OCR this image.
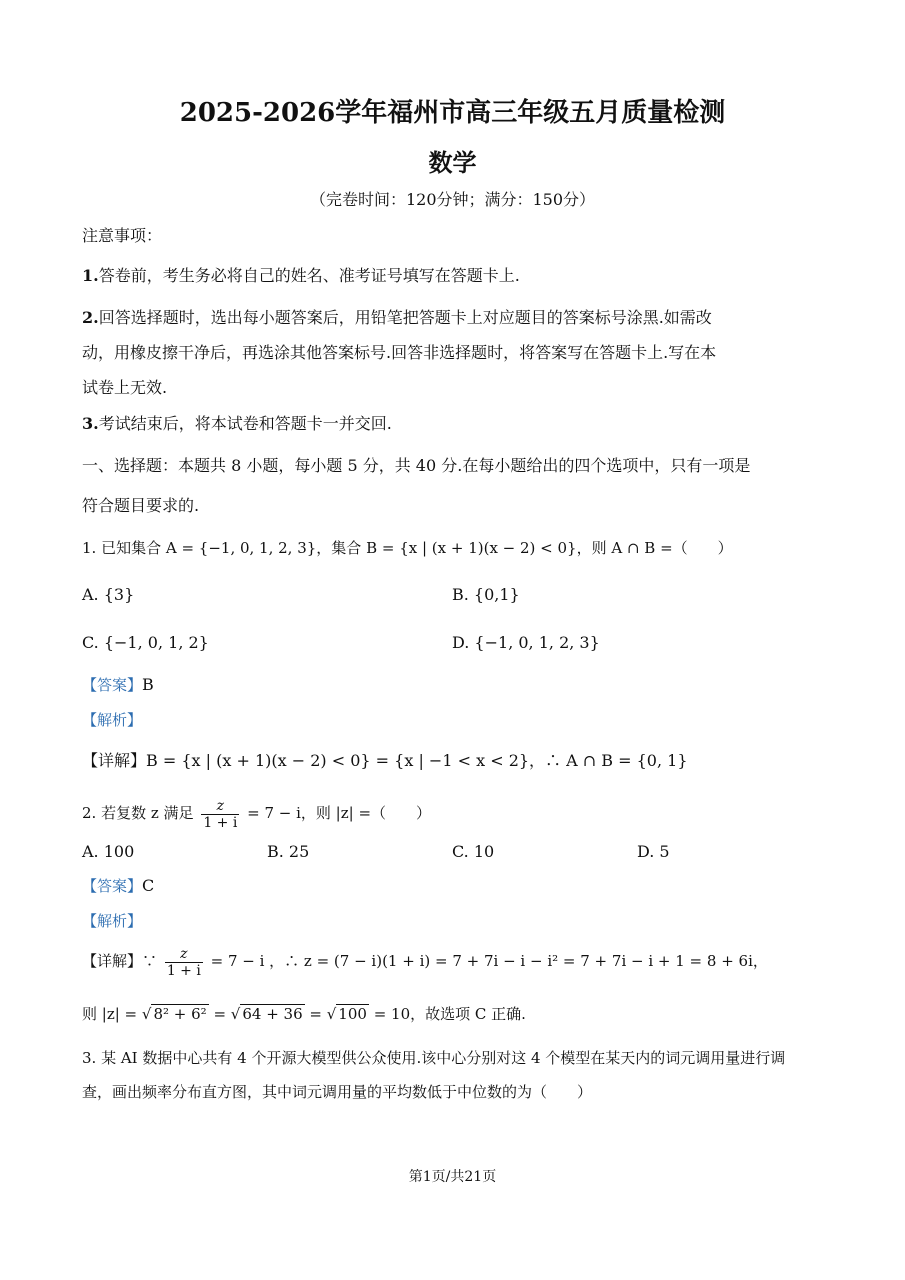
2025-2026学年福州市高三年级五月质量检测
数学
（完卷时间：120分钟；满分：150分）
注意事项：
1.答卷前，考生务必将自己的姓名、准考证号填写在答题卡上.
2.回答选择题时，选出每小题答案后，用铅笔把答题卡上对应题目的答案标号涂黑.如需改
动，用橡皮擦干净后，再选涂其他答案标号.回答非选择题时，将答案写在答题卡上.写在本
试卷上无效.
3.考试结束后，将本试卷和答题卡一并交回.
一、选择题：本题共 8 小题，每小题 5 分，共 40 分.在每小题给出的四个选项中，只有一项是
符合题目要求的.
1. 已知集合 A = {−1, 0, 1, 2, 3}，集合 B = {x | (x + 1)(x − 2) < 0}，则 A ∩ B =（　　）
A. {3}	B. {0,1}
C. {−1, 0, 1, 2}	D. {−1, 0, 1, 2, 3}
【答案】B
【解析】
【详解】B = {x | (x + 1)(x − 2) < 0} = {x | −1 < x < 2}，∴ A ∩ B = {0, 1}
2. 若复数 z 满足 $\frac{z}{1 + i} = 7 - i$，则 |z| =（　　）
A. 100	B. 25	C. 10	D. 5
【答案】C
【解析】
【详解】∵ $\frac{z}{1 + i} = 7 - i$ ，∴ z = (7 − i)(1 + i) = 7 + 7i − i − i² = 7 + 7i − i + 1 = 8 + 6i，
则 |z| = √ 8² + 6² = √ 64 + 36 = √ 100 = 10，故选项 C 正确.
3. 某 AI 数据中心共有 4 个开源大模型供公众使用.该中心分别对这 4 个模型在某天内的词元调用量进行调
查，画出频率分布直方图，其中词元调用量的平均数低于中位数的为（　　）
第1页/共21页
